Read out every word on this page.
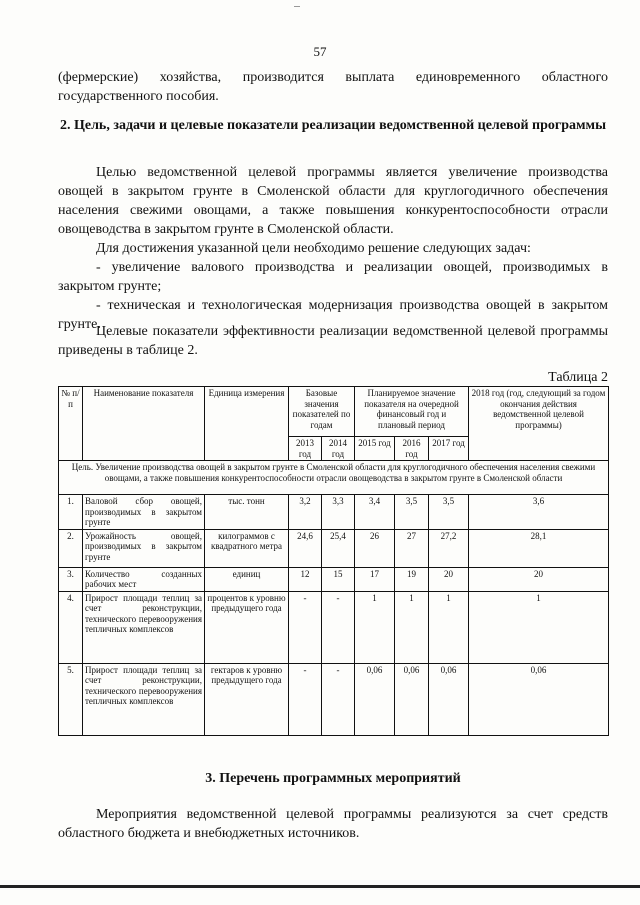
57
(фермерские) хозяйства, производится выплата единовременного областного государственного пособия.
2. Цель, задачи и целевые показатели реализации ведомственной целевой программы
Целью ведомственной целевой программы является увеличение производства овощей в закрытом грунте в Смоленской области для круглогодичного обеспечения населения свежими овощами, а также повышения конкурентоспособности отрасли овощеводства в закрытом грунте в Смоленской области.
Для достижения указанной цели необходимо решение следующих задач:
- увеличение валового производства и реализации овощей, производимых в закрытом грунте;
- техническая и технологическая модернизация производства овощей в закрытом грунте.
Целевые показатели эффективности реализации ведомственной целевой программы приведены в таблице 2.
Таблица 2
№ п/п	Наименование показателя	Единица измерения	Базовые значения показателей по годам		Планируемое значение показателя на очередной финансовый год и плановый период			2018 год (год, следующий за годом окончания действия ведомственной целевой программы)
			2013 год	2014 год	2015 год	2016 год	2017 год	
Цель. Увеличение производства овощей в закрытом грунте в Смоленской области для круглогодичного обеспечения населения свежими овощами, а также повышения конкурентоспособности отрасли овощеводства в закрытом грунте в Смоленской области								
1.	Валовой сбор овощей, производимых в закрытом грунте	тыс. тонн	3,2	3,3	3,4	3,5	3,5	3,6
2.	Урожайность овощей, производимых в закрытом грунте	килограммов с квадратного метра	24,6	25,4	26	27	27,2	28,1
3.	Количество созданных рабочих мест	единиц	12	15	17	19	20	20
4.	Прирост площади теплиц за счет реконструкции, технического перевооружения тепличных комплексов	процентов к уровню предыдущего года	-	-	1	1	1	1
5.	Прирост площади теплиц за счет реконструкции, технического перевооружения тепличных комплексов	гектаров к уровню предыдущего года	-	-	0,06	0,06	0,06	0,06
3. Перечень программных мероприятий
Мероприятия ведомственной целевой программы реализуются за счет средств областного бюджета и внебюджетных источников.
